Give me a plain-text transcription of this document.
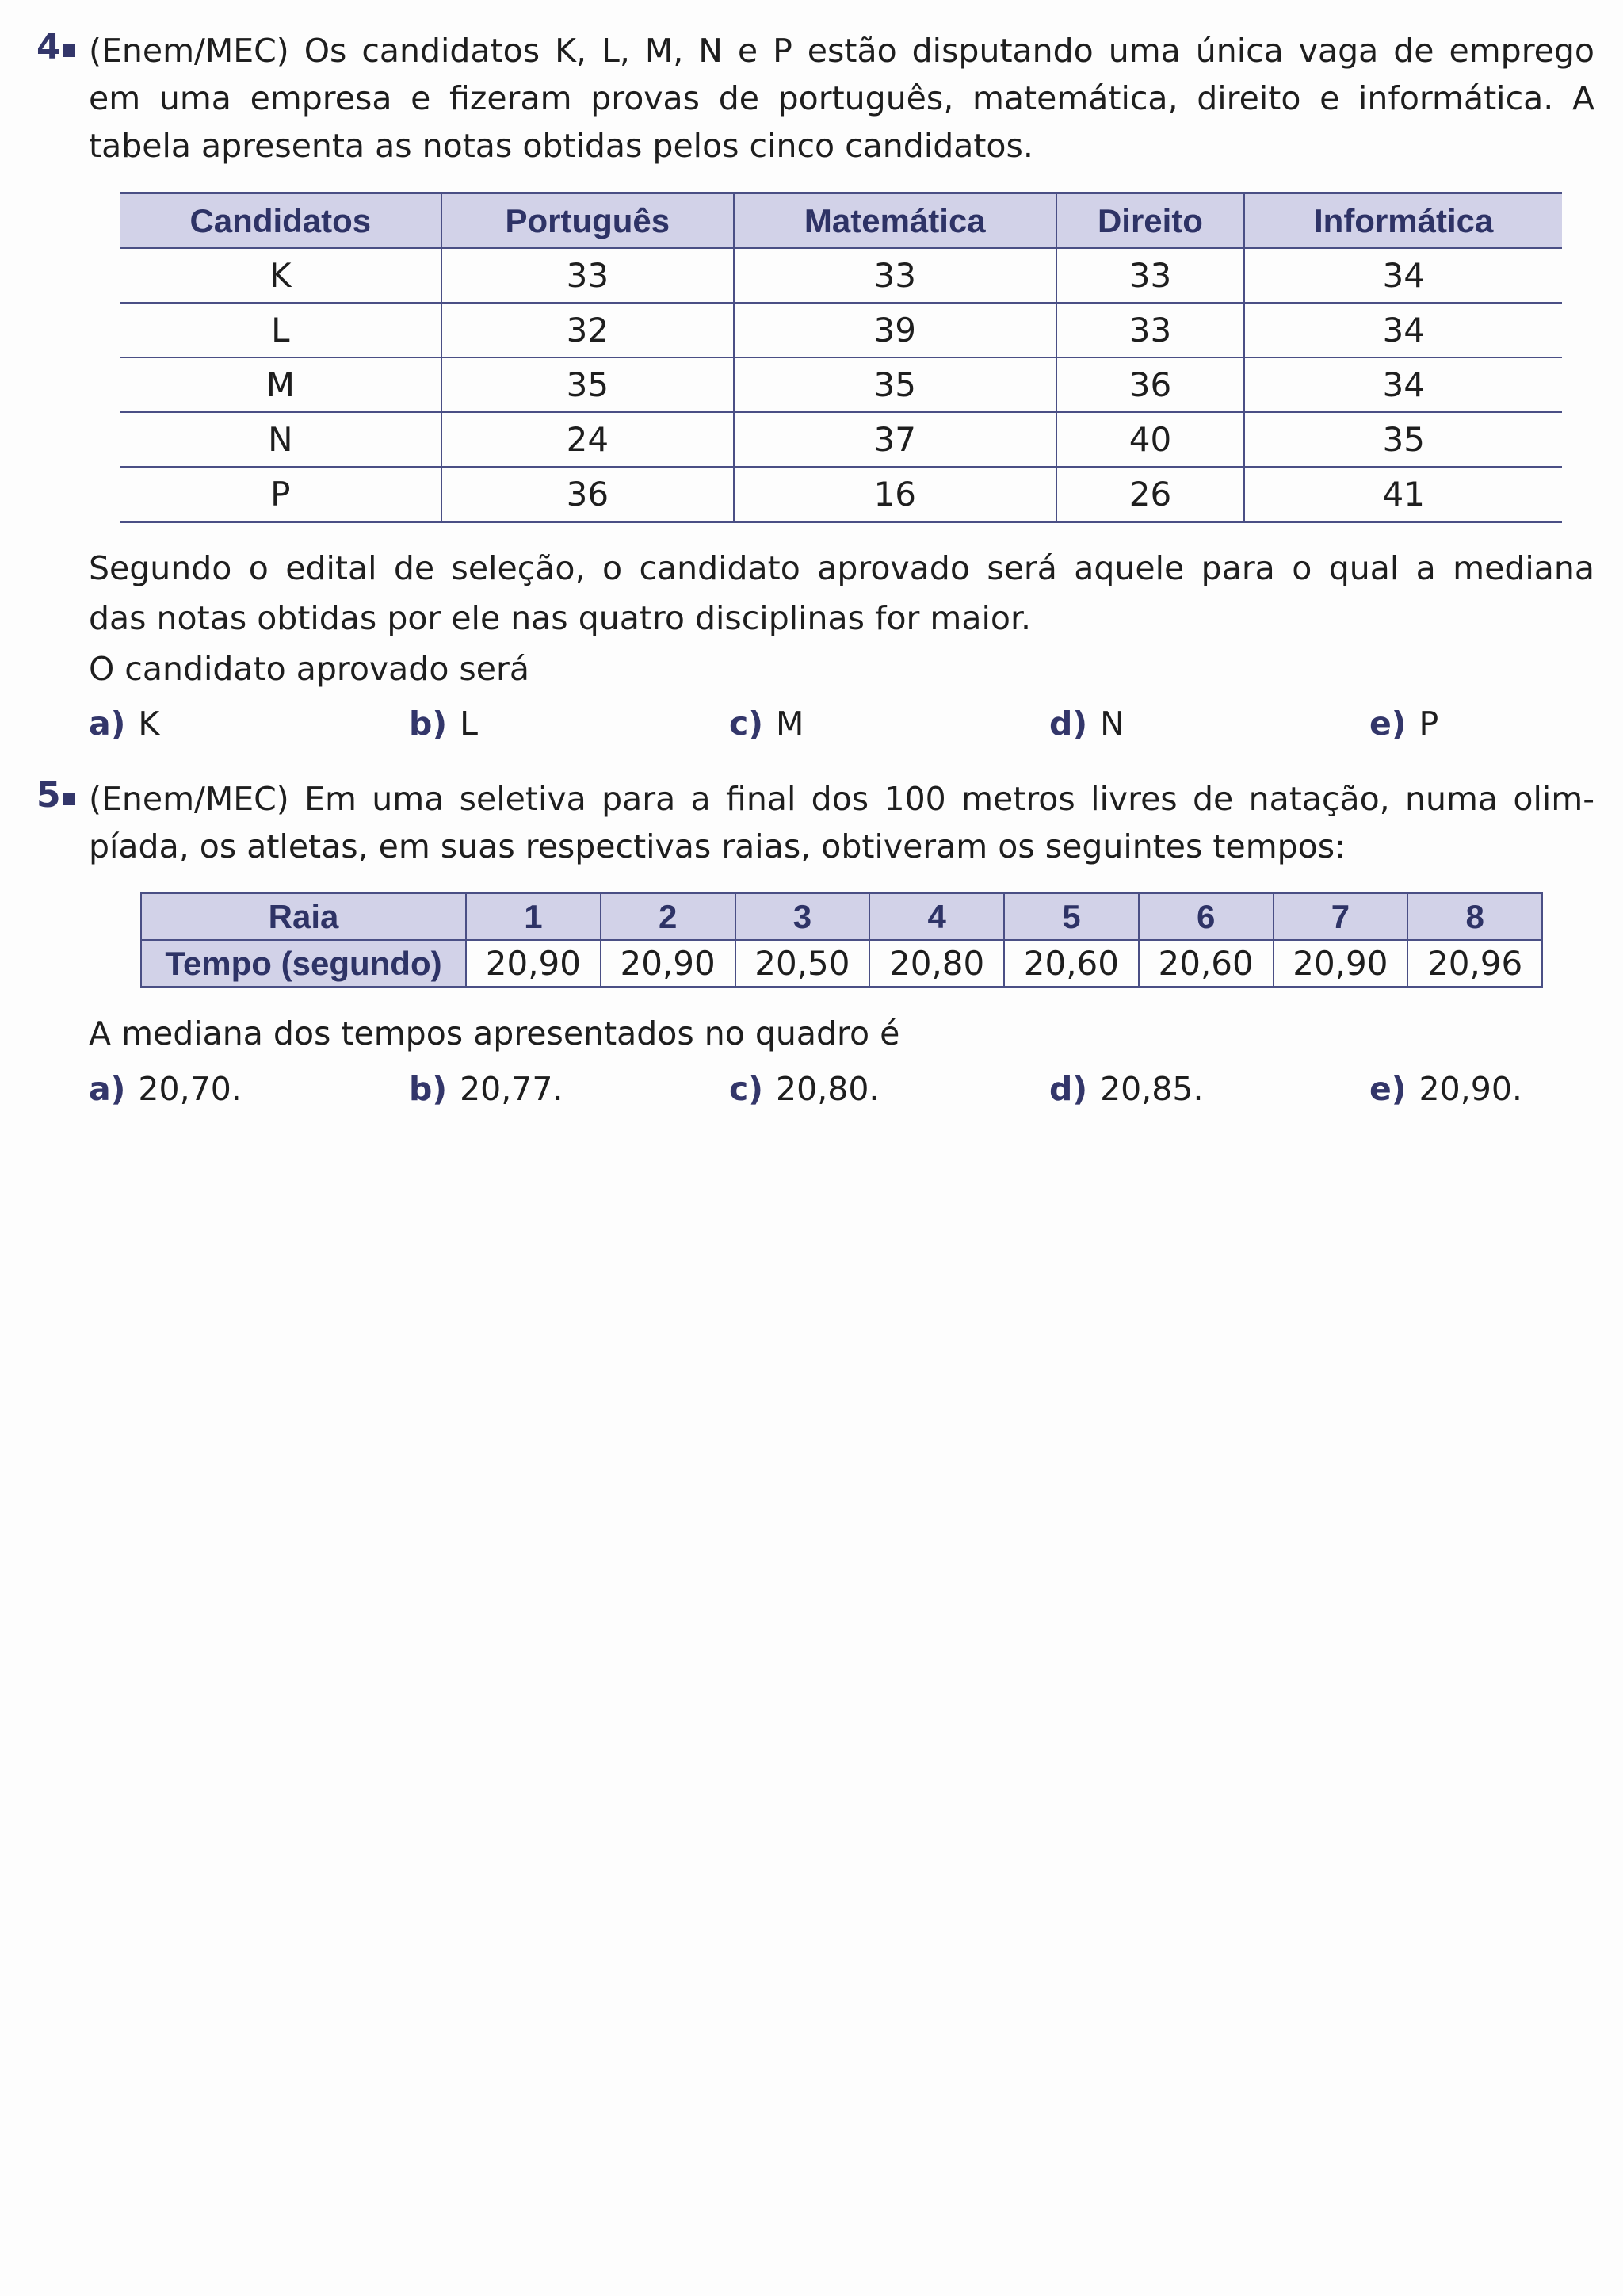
4 (Enem/MEC) Os candidatos K, L, M, N e P estão disputando uma única vaga de emprego
em uma empresa e fizeram provas de português, matemática, direito e informática. A
tabela apresenta as notas obtidas pelos cinco candidatos.
Candidatos	Português	Matemática	Direito	Informática
K	33	33	33	34
L	32	39	33	34
M	35	35	36	34
N	24	37	40	35
P	36	16	26	41
Segundo o edital de seleção, o candidato aprovado será aquele para o qual a mediana
das notas obtidas por ele nas quatro disciplinas for maior.
O candidato aprovado será
a) K	b) L	c) M	d) N	e) P
5 (Enem/MEC) Em uma seletiva para a final dos 100 metros livres de natação, numa olim-
píada, os atletas, em suas respectivas raias, obtiveram os seguintes tempos:
Raia	1	2	3	4	5	6	7	8
Tempo (segundo)	20,90	20,90	20,50	20,80	20,60	20,60	20,90	20,96
A mediana dos tempos apresentados no quadro é
a) 20,70.	b) 20,77.	c) 20,80.	d) 20,85.	e) 20,90.
